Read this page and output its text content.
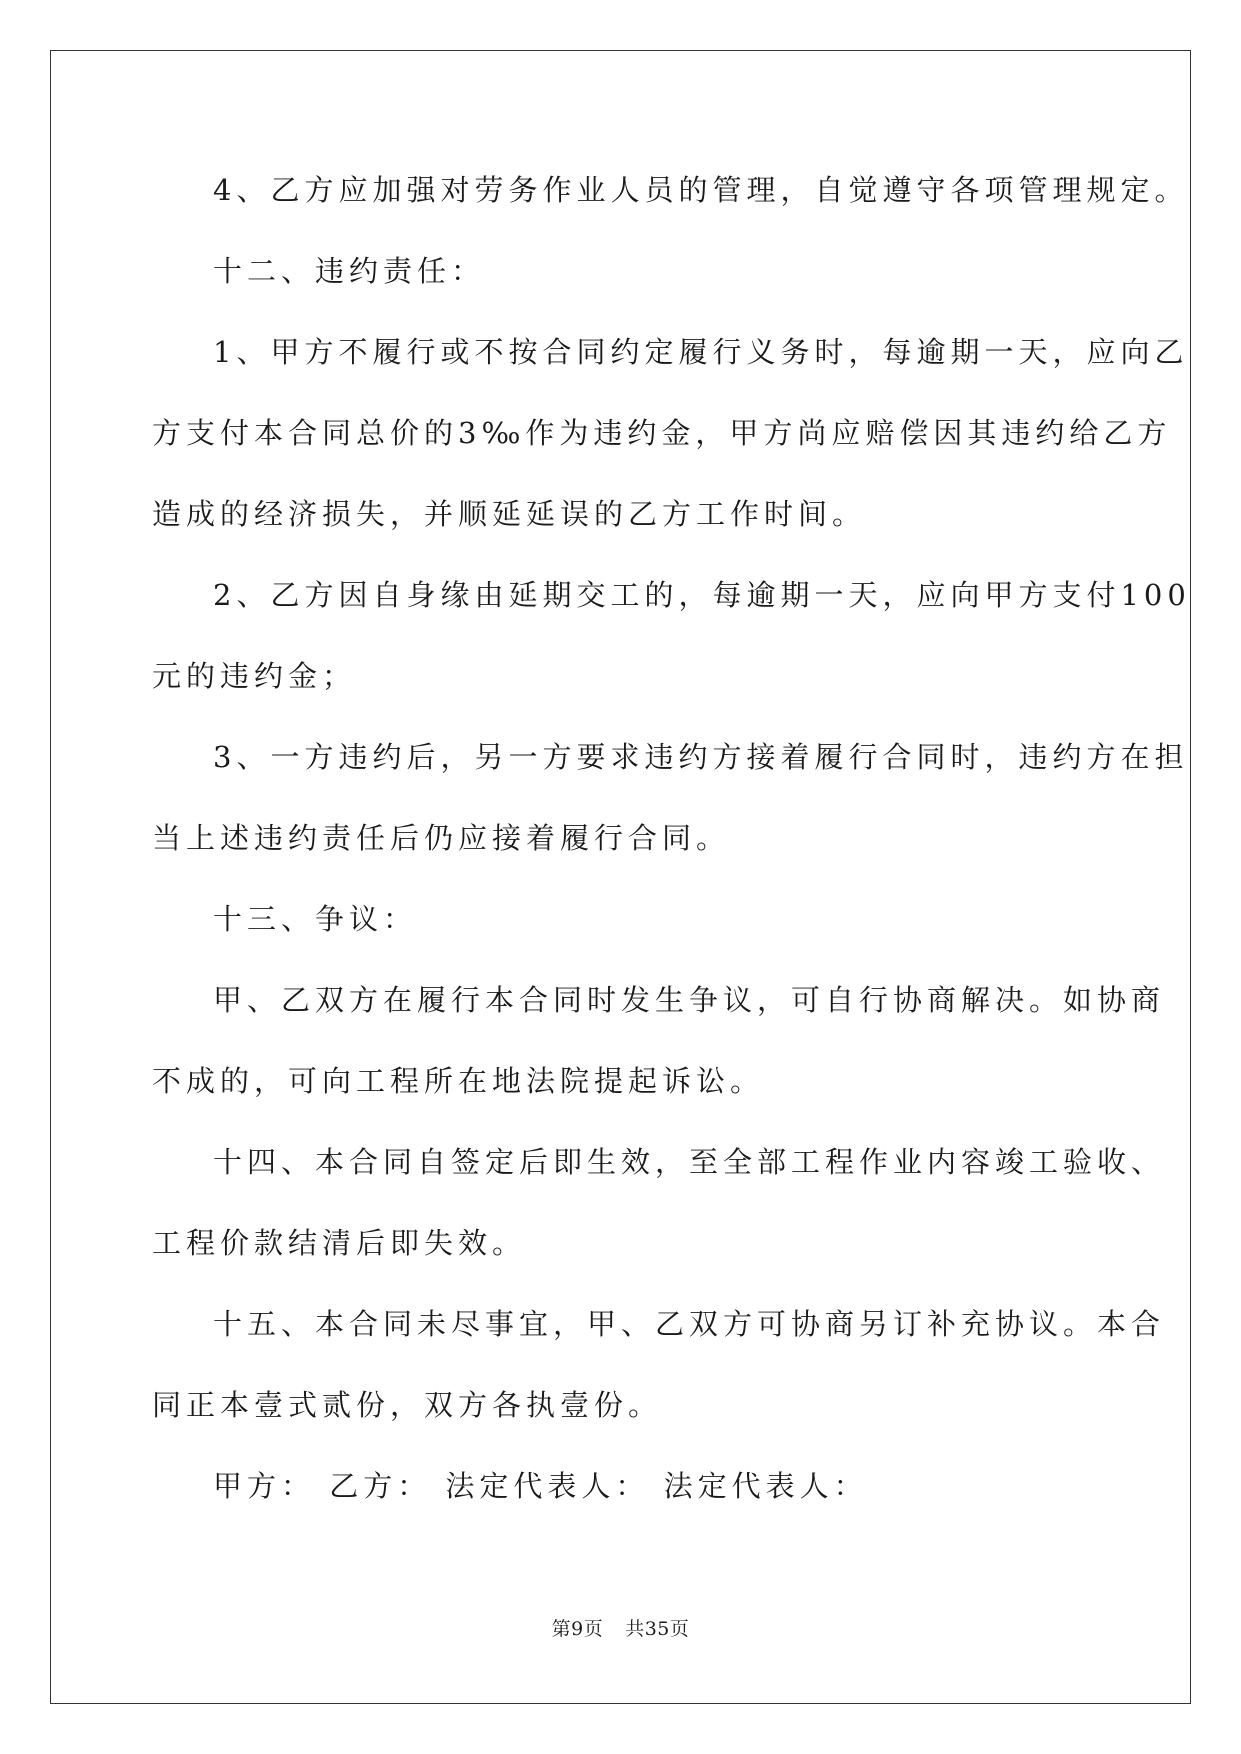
4、乙方应加强对劳务作业人员的管理，自觉遵守各项管理规定。
十二、违约责任：
1、甲方不履行或不按合同约定履行义务时，每逾期一天，应向乙
方支付本合同总价的3‰作为违约金，甲方尚应赔偿因其违约给乙方
造成的经济损失，并顺延延误的乙方工作时间。
2、乙方因自身缘由延期交工的，每逾期一天，应向甲方支付100
元的违约金；
3、一方违约后，另一方要求违约方接着履行合同时，违约方在担
当上述违约责任后仍应接着履行合同。
十三、争议：
甲、乙双方在履行本合同时发生争议，可自行协商解决。如协商
不成的，可向工程所在地法院提起诉讼。
十四、本合同自签定后即生效，至全部工程作业内容竣工验收、
工程价款结清后即失效。
十五、本合同未尽事宜，甲、乙双方可协商另订补充协议。本合
同正本壹式贰份，双方各执壹份。
甲方： 乙方： 法定代表人： 法定代表人：
第9页 共35页
